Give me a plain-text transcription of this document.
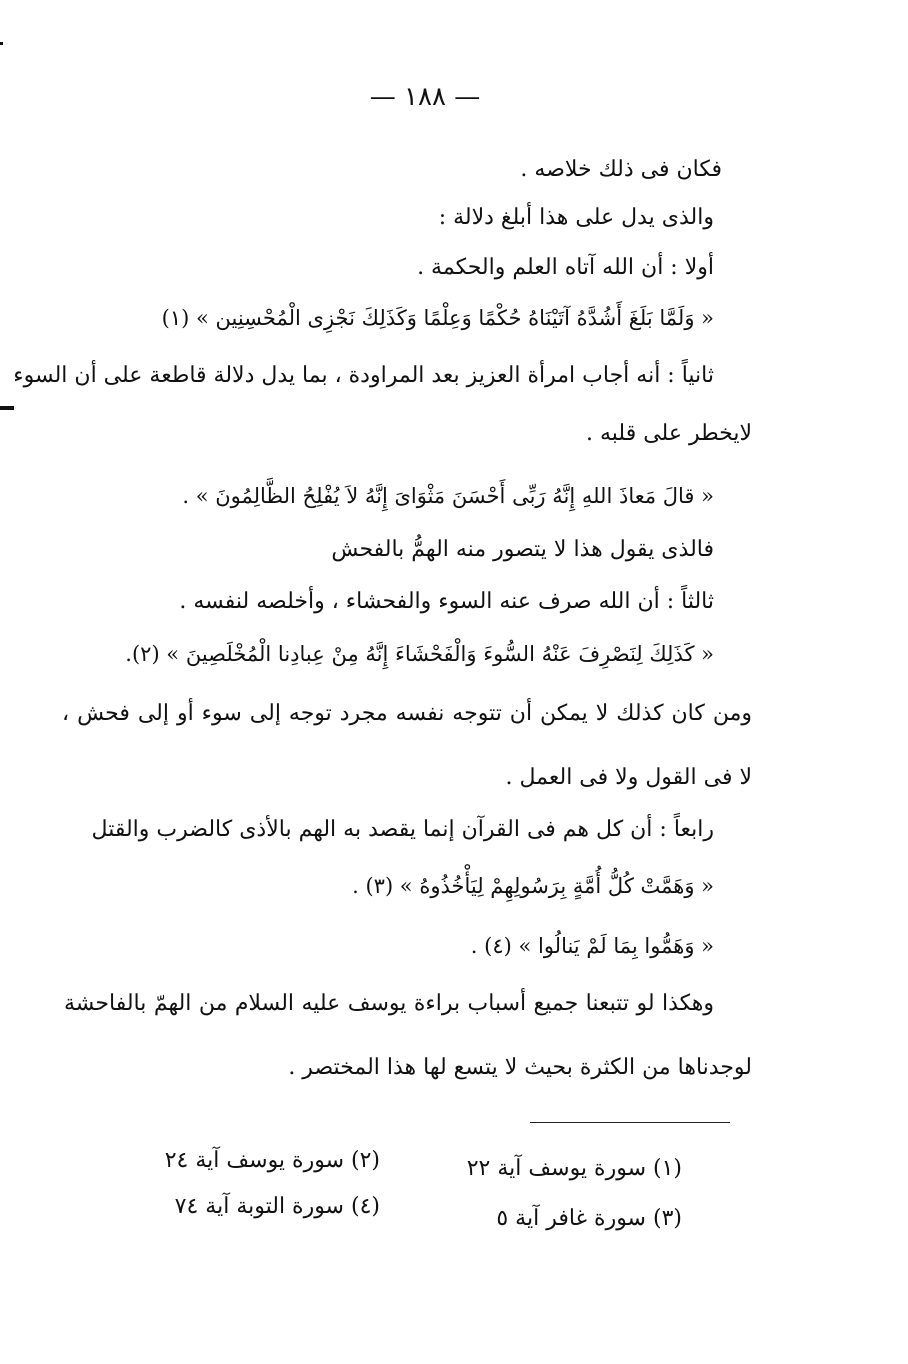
— ١٨٨ —
فكان فى ذلك خلاصه .
والذى يدل على هذا أبلغ دلالة :
أولا : أن الله آتاه العلم والحكمة .
« وَلَمَّا بَلَغَ أَشُدَّهُ آتَيْنَاهُ حُكْمًا وَعِلْمًا وَكَذَلِكَ نَجْزِى الْمُحْسِنِين » (١)
ثانياً : أنه أجاب امرأة العزيز بعد المراودة ، بما يدل دلالة قاطعة على أن السوء
لايخطر على قلبه .
« قالَ مَعاذَ اللهِ إِنَّهُ رَبِّى أَحْسَنَ مَثْوَاىَ إِنَّهُ لاَ يُفْلِحُ الظَّالِمُونَ » .
فالذى يقول هذا لا يتصور منه الهمُّ بالفحش
ثالثاً : أن الله صرف عنه السوء والفحشاء ، وأخلصه لنفسه .
« كَذَلِكَ لِنَصْرِفَ عَنْهُ السُّوءَ وَالْفَحْشَاءَ إِنَّهُ مِنْ عِبادِنا الْمُخْلَصِينَ » (٢).
ومن كان كذلك لا يمكن أن تتوجه نفسه مجرد توجه إلى سوء أو إلى فحش ،
لا فى القول ولا فى العمل .
رابعاً : أن كل هم فى القرآن إنما يقصد به الهم بالأذى كالضرب والقتل
« وَهَمَّتْ كُلُّ أُمَّةٍ بِرَسُولِهِمْ لِيَأْخُذُوهُ » (٣) .
« وَهَمُّوا بِمَا لَمْ يَنالُوا » (٤) .
وهكذا لو تتبعنا جميع أسباب براءة يوسف عليه السلام من الهمّ بالفاحشة
لوجدناها من الكثرة بحيث لا يتسع لها هذا المختصر .
(١) سورة يوسف آية ٢٢
(٢) سورة يوسف آية ٢٤
(٣) سورة غافر آية ٥
(٤) سورة التوبة آية ٧٤
